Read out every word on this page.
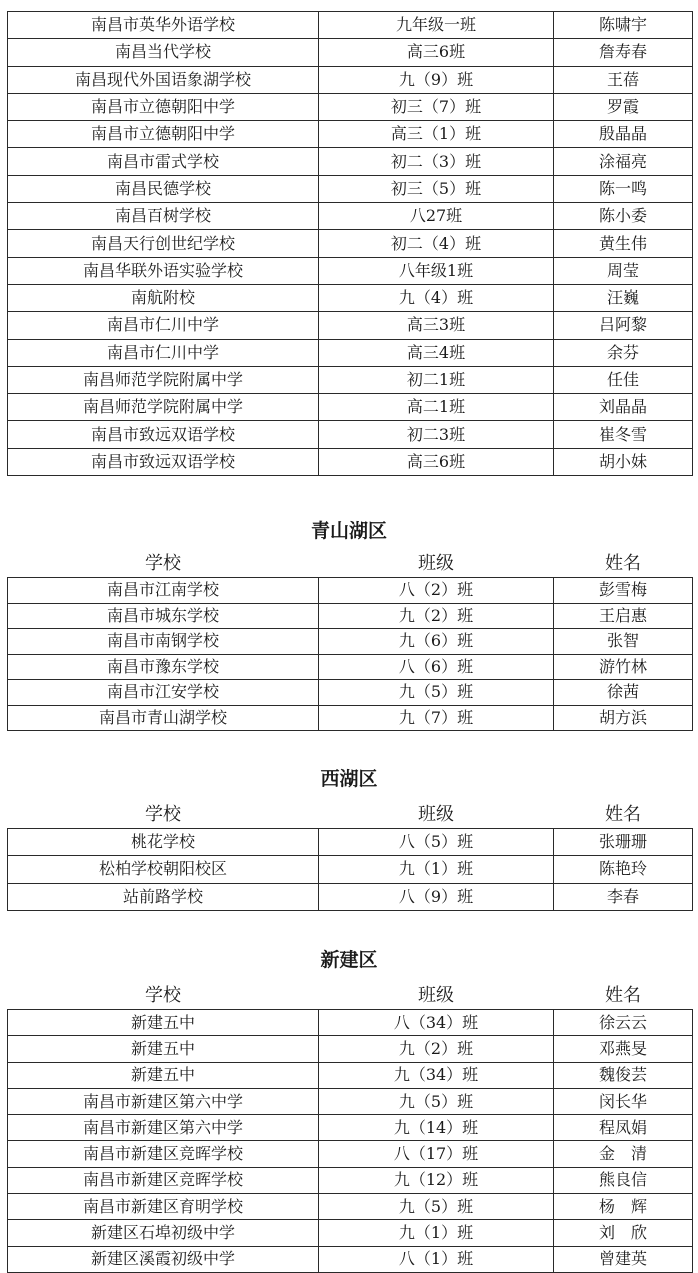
南昌市英华外语学校	九年级一班	陈啸宇
南昌当代学校	高三6班	詹寿春
南昌现代外国语象湖学校	九（9）班	王蓓
南昌市立德朝阳中学	初三（7）班	罗霞
南昌市立德朝阳中学	高三（1）班	殷晶晶
南昌市雷式学校	初二（3）班	涂福亮
南昌民德学校	初三（5）班	陈一鸣
南昌百树学校	八27班	陈小委
南昌天行创世纪学校	初二（4）班	黄生伟
南昌华联外语实验学校	八年级1班	周莹
南航附校	九（4）班	汪巍
南昌市仁川中学	高三3班	吕阿黎
南昌市仁川中学	高三4班	余芬
南昌师范学院附属中学	初二1班	任佳
南昌师范学院附属中学	高二1班	刘晶晶
南昌市致远双语学校	初二3班	崔冬雪
南昌市致远双语学校	高三6班	胡小妹
青山湖区
学校	班级	姓名
南昌市江南学校	八（2）班	彭雪梅
南昌市城东学校	九（2）班	王启惠
南昌市南钢学校	九（6）班	张智
南昌市豫东学校	八（6）班	游竹林
南昌市江安学校	九（5）班	徐茜
南昌市青山湖学校	九（7）班	胡方浜
西湖区
学校	班级	姓名
桃花学校	八（5）班	张珊珊
松柏学校朝阳校区	九（1）班	陈艳玲
站前路学校	八（9）班	李春
新建区
学校	班级	姓名
新建五中	八（34）班	徐云云
新建五中	九（2）班	邓燕旻
新建五中	九（34）班	魏俊芸
南昌市新建区第六中学	九（5）班	闵长华
南昌市新建区第六中学	九（14）班	程凤娟
南昌市新建区竞晖学校	八（17）班	金　清
南昌市新建区竞晖学校	九（12）班	熊良信
南昌市新建区育明学校	九（5）班	杨　辉
新建区石埠初级中学	九（1）班	刘　欣
新建区溪霞初级中学	八（1）班	曾建英
